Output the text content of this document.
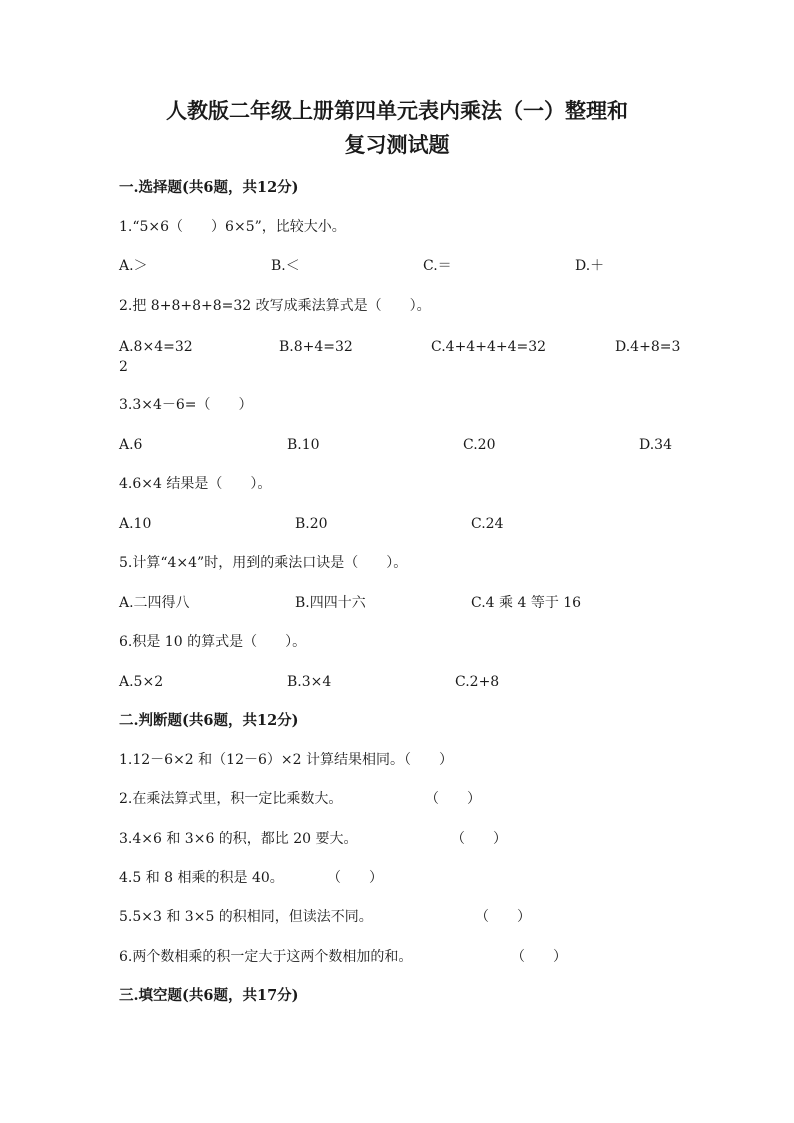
人教版二年级上册第四单元表内乘法（一）整理和
复习测试题
一.选择题(共6题，共12分)
1.“5×6（　　）6×5”，比较大小。
A.＞	B.＜	C.＝	D.＋
2.把 8+8+8+8=32 改写成乘法算式是（　　）。
A.8×4=32	B.8+4=32	C.4+4+4+4=32	D.4+8=3
2
3.3×4－6=（　　）
A.6	B.10	C.20	D.34
4.6×4 结果是（　　）。
A.10	B.20	C.24
5.计算“4×4”时，用到的乘法口诀是（　　）。
A.二四得八	B.四四十六	C.4 乘 4 等于 16
6.积是 10 的算式是（　　）。
A.5×2	B.3×4	C.2+8
二.判断题(共6题，共12分)
1.12－6×2 和（12－6）×2 计算结果相同。（　　）
2.在乘法算式里，积一定比乘数大。	（　　）
3.4×6 和 3×6 的积，都比 20 要大。	（　　）
4.5 和 8 相乘的积是 40。	（　　）
5.5×3 和 3×5 的积相同，但读法不同。	（　　）
6.两个数相乘的积一定大于这两个数相加的和。	（　　）
三.填空题(共6题，共17分)
